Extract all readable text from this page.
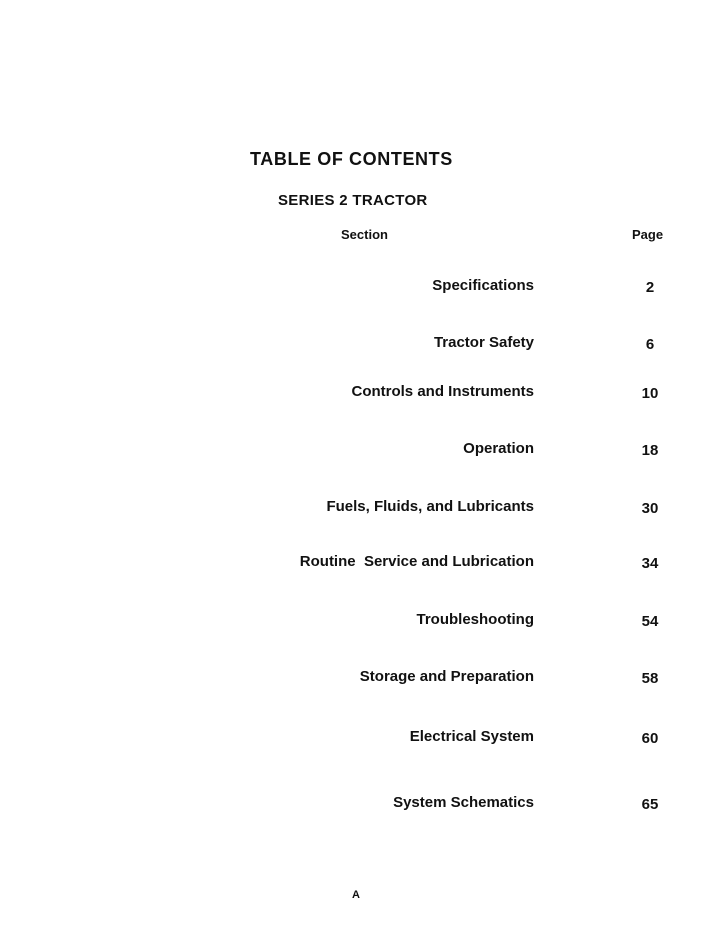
TABLE OF CONTENTS
SERIES 2 TRACTOR
Section	Page
Specifications	2
Tractor Safety	6
Controls and Instruments	10
Operation	18
Fuels, Fluids, and Lubricants	30
Routine  Service and Lubrication	34
Troubleshooting	54
Storage and Preparation	58
Electrical System	60
System Schematics	65
A
